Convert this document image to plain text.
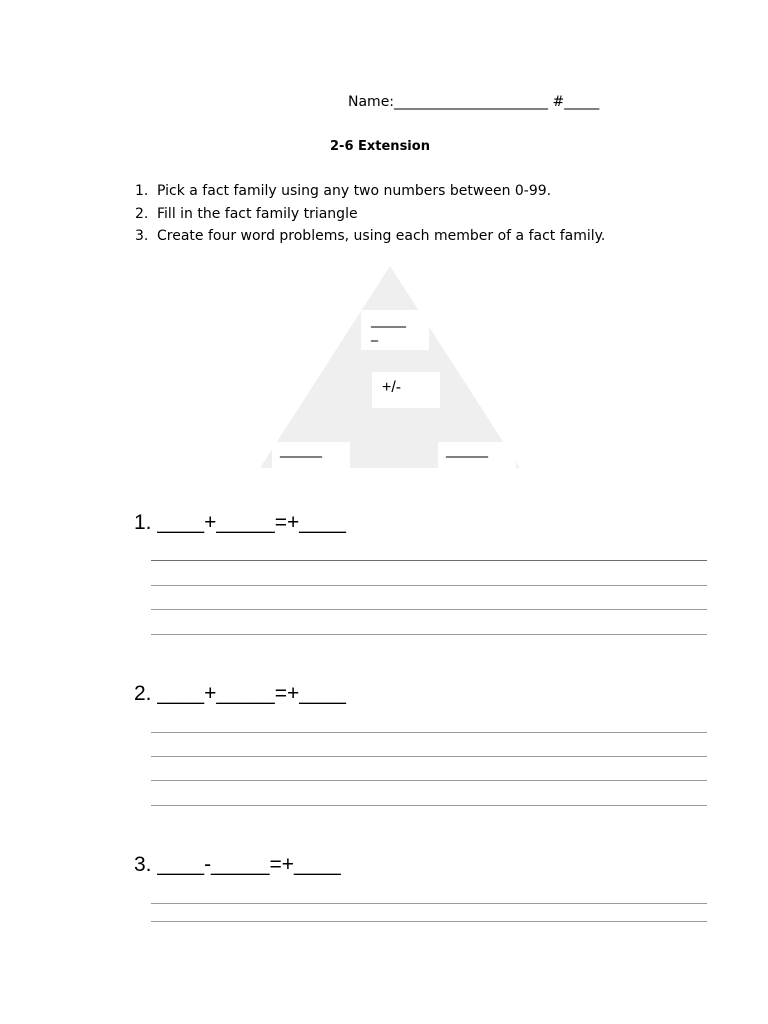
Name:______________________ #_____
2-6 Extension
1. Pick a fact family using any two numbers between 0-99.
2. Fill in the fact family triangle
3. Create four word problems, using each member of a fact family.
_____
_
+/-
______	______
1. ____+_____=+____
2. ____+_____=+____
3. ____-_____=+____
